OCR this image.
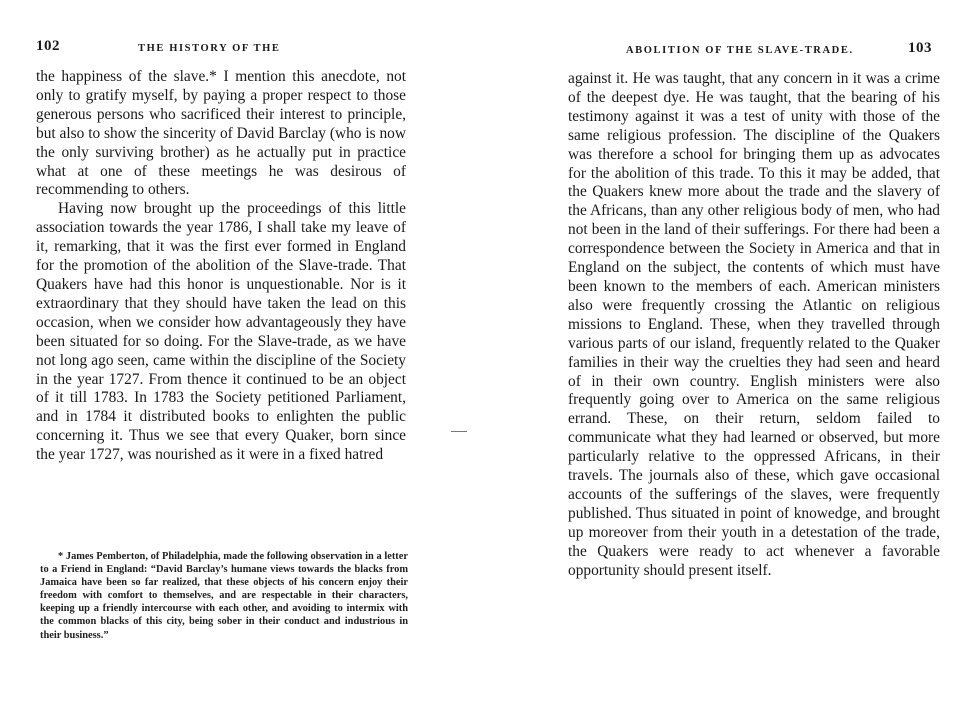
102	THE HISTORY OF THE

the happiness of the slave.* I mention this anecdote, not only to gratify myself, by paying a proper respect to those generous persons who sacrificed their interest to principle, but also to show the sincerity of David Barclay (who is now the only surviving brother) as he actually put in practice what at one of these meetings he was desirous of recommending to others.

Having now brought up the proceedings of this little association towards the year 1786, I shall take my leave of it, remarking, that it was the first ever formed in England for the promotion of the abolition of the Slave-trade. That Quakers have had this honor is unquestionable. Nor is it extraordinary that they should have taken the lead on this occasion, when we consider how advantageously they have been situated for so doing. For the Slave-trade, as we have not long ago seen, came within the discipline of the Society in the year 1727. From thence it continued to be an object of it till 1783. In 1783 the Society petitioned Parliament, and in 1784 it distributed books to enlighten the public concerning it. Thus we see that every Quaker, born since the year 1727, was nourished as it were in a fixed hatred

* James Pemberton, of Philadelphia, made the following observation in a letter to a Friend in England: “David Barclay’s humane views towards the blacks from Jamaica have been so far realized, that these objects of his concern enjoy their freedom with comfort to themselves, and are respectable in their characters, keeping up a friendly intercourse with each other, and avoiding to intermix with the common blacks of this city, being sober in their conduct and industrious in their business.”

ABOLITION OF THE SLAVE-TRADE.	103

against it. He was taught, that any concern in it was a crime of the deepest dye. He was taught, that the bearing of his testimony against it was a test of unity with those of the same religious profession. The discipline of the Quakers was therefore a school for bringing them up as advocates for the abolition of this trade. To this it may be added, that the Quakers knew more about the trade and the slavery of the Africans, than any other religious body of men, who had not been in the land of their sufferings. For there had been a correspondence between the Society in America and that in England on the subject, the contents of which must have been known to the members of each. American ministers also were frequently crossing the Atlantic on religious missions to England. These, when they travelled through various parts of our island, frequently related to the Quaker families in their way the cruelties they had seen and heard of in their own country. English ministers were also frequently going over to America on the same religious errand. These, on their return, seldom failed to communicate what they had learned or observed, but more particularly relative to the oppressed Africans, in their travels. The journals also of these, which gave occasional accounts of the sufferings of the slaves, were frequently published. Thus situated in point of knowedge, and brought up moreover from their youth in a detestation of the trade, the Quakers were ready to act whenever a favorable opportunity should present itself.
